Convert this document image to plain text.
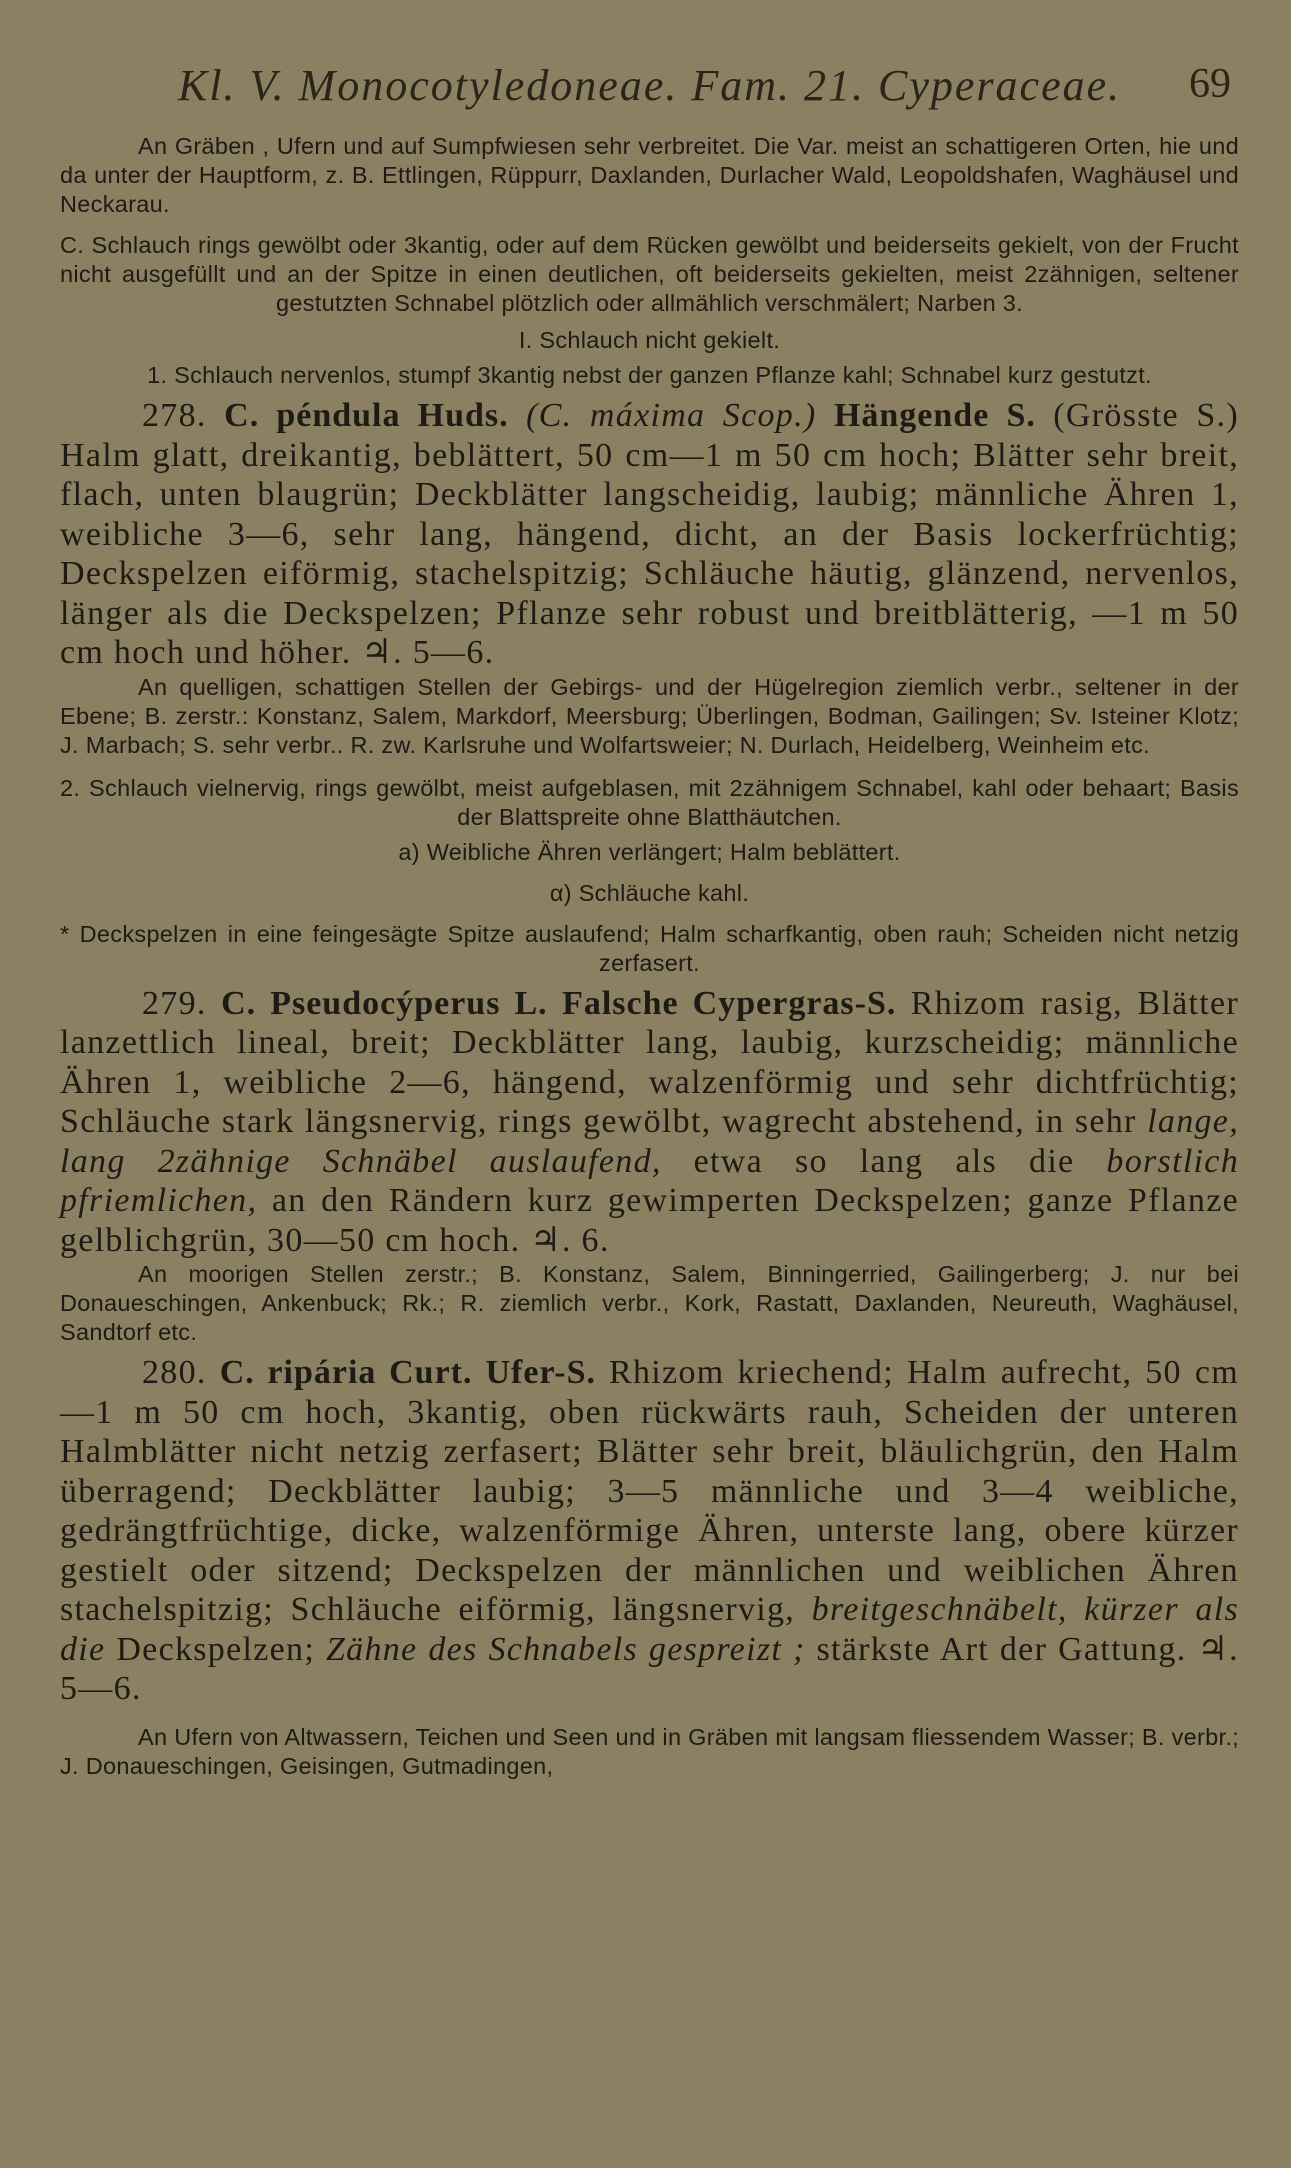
Kl. V. Monocotyledoneae. Fam. 21. Cyperaceae. 69

An Gräben , Ufern und auf Sumpfwiesen sehr verbreitet. Die Var. meist an schattigeren Orten, hie und da unter der Hauptform, z. B. Ettlingen, Rüppurr, Daxlanden, Durlacher Wald, Leopoldshafen, Waghäusel und Neckarau.

C. Schlauch rings gewölbt oder 3kantig, oder auf dem Rücken gewölbt und beiderseits gekielt, von der Frucht nicht ausgefüllt und an der Spitze in einen deutlichen, oft beiderseits gekielten, meist 2zähnigen, seltener gestutzten Schnabel plötzlich oder allmählich verschmälert; Narben 3.

I. Schlauch nicht gekielt.

1. Schlauch nervenlos, stumpf 3kantig nebst der ganzen Pflanze kahl; Schnabel kurz gestutzt.

278. C. péndula Huds. (C. máxima Scop.) Hängende S. (Grösste S.) Halm glatt, dreikantig, beblättert, 50 cm—1 m 50 cm hoch; Blätter sehr breit, flach, unten blaugrün; Deckblätter langscheidig, laubig; männliche Ähren 1, weibliche 3—6, sehr lang, hängend, dicht, an der Basis lockerfrüchtig; Deckspelzen eiförmig, stachelspitzig; Schläuche häutig, glänzend, nervenlos, länger als die Deckspelzen; Pflanze sehr robust und breitblätterig, —1 m 50 cm hoch und höher. ♃. 5—6.

An quelligen, schattigen Stellen der Gebirgs- und der Hügelregion ziemlich verbr., seltener in der Ebene; B. zerstr.: Konstanz, Salem, Markdorf, Meersburg; Überlingen, Bodman, Gailingen; Sv. Isteiner Klotz; J. Marbach; S. sehr verbr.. R. zw. Karlsruhe und Wolfartsweier; N. Durlach, Heidelberg, Weinheim etc.

2. Schlauch vielnervig, rings gewölbt, meist aufgeblasen, mit 2zähnigem Schnabel, kahl oder behaart; Basis der Blattspreite ohne Blatthäutchen.

a) Weibliche Ähren verlängert; Halm beblättert.

α) Schläuche kahl.

* Deckspelzen in eine feingesägte Spitze auslaufend; Halm scharfkantig, oben rauh; Scheiden nicht netzig zerfasert.

279. C. Pseudocýperus L. Falsche Cypergras-S. Rhizom rasig, Blätter lanzettlich lineal, breit; Deckblätter lang, laubig, kurzscheidig; männliche Ähren 1, weibliche 2—6, hängend, walzenförmig und sehr dichtfrüchtig; Schläuche stark längsnervig, rings gewölbt, wagrecht abstehend, in sehr lange, lang 2zähnige Schnäbel auslaufend, etwa so lang als die borstlich pfriemlichen, an den Rändern kurz gewimperten Deckspelzen; ganze Pflanze gelblichgrün, 30—50 cm hoch. ♃. 6.

An moorigen Stellen zerstr.; B. Konstanz, Salem, Binningerried, Gailingerberg; J. nur bei Donaueschingen, Ankenbuck; Rk.; R. ziemlich verbr., Kork, Rastatt, Daxlanden, Neureuth, Waghäusel, Sandtorf etc.

280. C. ripária Curt. Ufer-S. Rhizom kriechend; Halm aufrecht, 50 cm—1 m 50 cm hoch, 3kantig, oben rückwärts rauh, Scheiden der unteren Halmblätter nicht netzig zerfasert; Blätter sehr breit, bläulichgrün, den Halm überragend; Deckblätter laubig; 3—5 männliche und 3—4 weibliche, gedrängtfrüchtige, dicke, walzenförmige Ähren, unterste lang, obere kürzer gestielt oder sitzend; Deckspelzen der männlichen und weiblichen Ähren stachelspitzig; Schläuche eiförmig, längsnervig, breitgeschnäbelt, kürzer als die Deckspelzen; Zähne des Schnabels gespreizt ; stärkste Art der Gattung. ♃. 5—6.

An Ufern von Altwassern, Teichen und Seen und in Gräben mit langsam fliessendem Wasser; B. verbr.; J. Donaueschingen, Geisingen, Gutmadingen,
